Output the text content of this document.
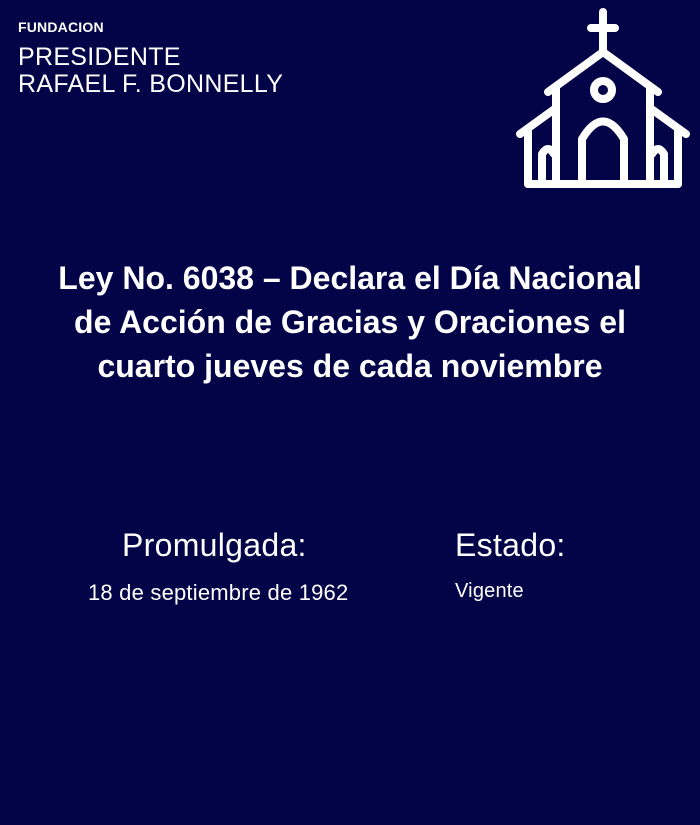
FUNDACION
PRESIDENTE
RAFAEL F. BONNELLY
Ley No. 6038 – Declara el Día Nacional de Acción de Gracias y Oraciones el cuarto jueves de cada noviembre
Promulgada:
18 de septiembre de 1962
Estado:
Vigente
